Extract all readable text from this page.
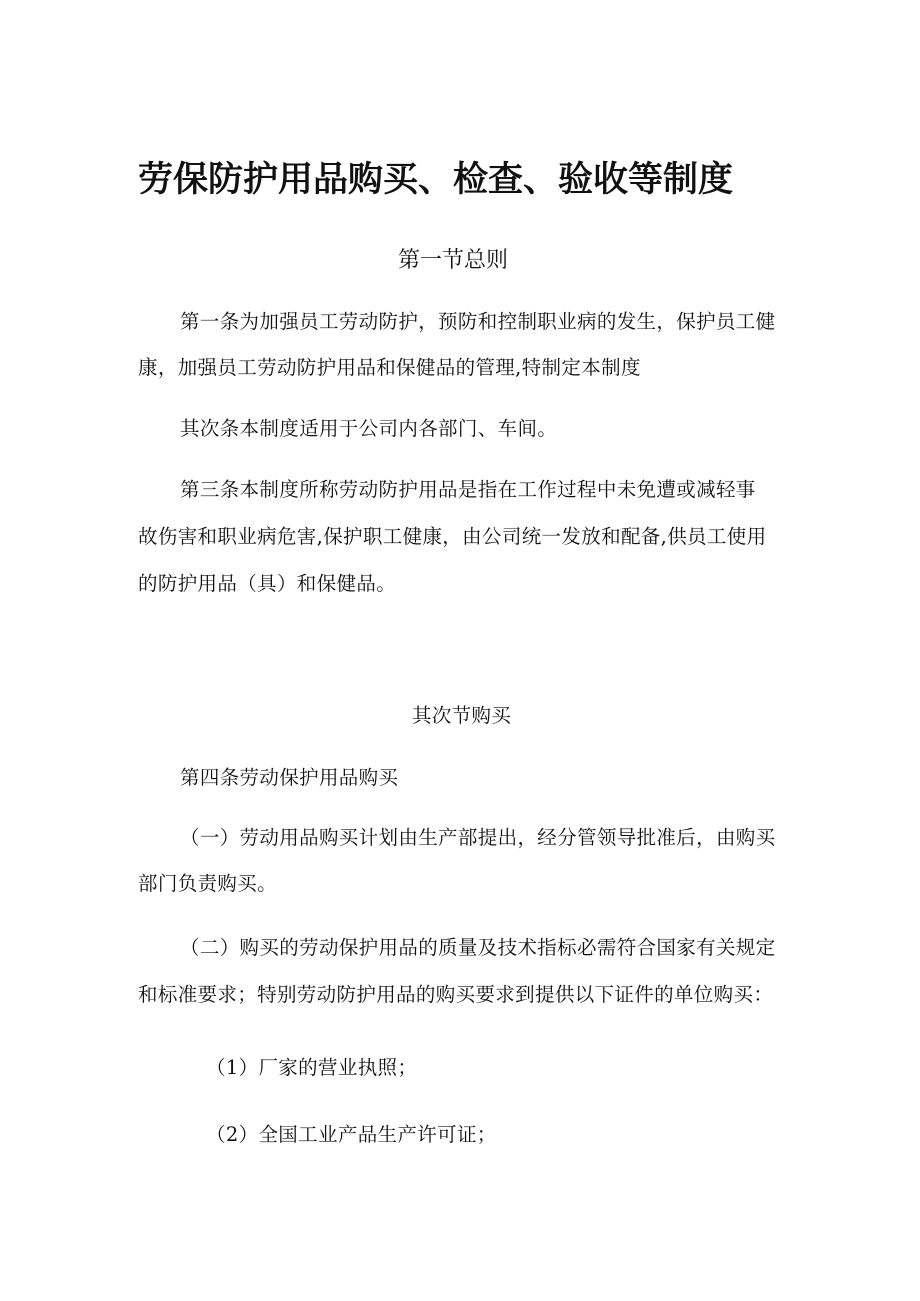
劳保防护用品购买、检查、验收等制度
第一节总则

第一条为加强员工劳动防护，预防和控制职业病的发生，保护员工健

康，加强员工劳动防护用品和保健品的管理,特制定本制度

其次条本制度适用于公司内各部门、车间。

第三条本制度所称劳动防护用品是指在工作过程中未免遭或减轻事

故伤害和职业病危害,保护职工健康，由公司统一发放和配备,供员工使用

的防护用品（具）和保健品。

其次节购买

第四条劳动保护用品购买

（一）劳动用品购买计划由生产部提出，经分管领导批准后，由购买

部门负责购买。

（二）购买的劳动保护用品的质量及技术指标必需符合国家有关规定

和标准要求；特别劳动防护用品的购买要求到提供以下证件的单位购买：

（1）厂家的营业执照；

（2）全国工业产品生产许可证；
